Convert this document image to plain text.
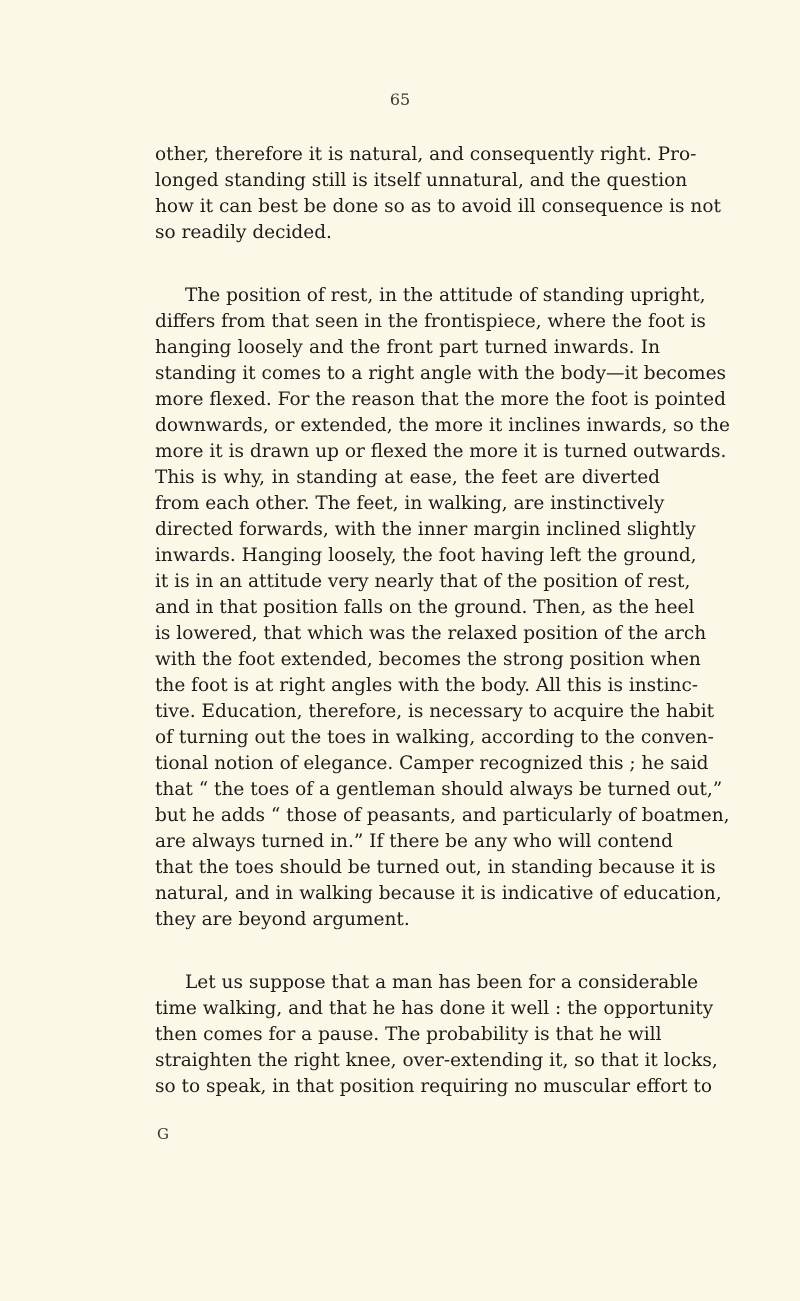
65
other, therefore it is natural, and consequently right. Pro-
longed standing still is itself unnatural, and the question
how it can best be done so as to avoid ill consequence is not
so readily decided.
The position of rest, in the attitude of standing upright,
differs from that seen in the frontispiece, where the foot is
hanging loosely and the front part turned inwards. In
standing it comes to a right angle with the body—it becomes
more flexed. For the reason that the more the foot is pointed
downwards, or extended, the more it inclines inwards, so the
more it is drawn up or flexed the more it is turned outwards.
This is why, in standing at ease, the feet are diverted
from each other. The feet, in walking, are instinctively
directed forwards, with the inner margin inclined slightly
inwards. Hanging loosely, the foot having left the ground,
it is in an attitude very nearly that of the position of rest,
and in that position falls on the ground. Then, as the heel
is lowered, that which was the relaxed position of the arch
with the foot extended, becomes the strong position when
the foot is at right angles with the body. All this is instinc-
tive. Education, therefore, is necessary to acquire the habit
of turning out the toes in walking, according to the conven-
tional notion of elegance. Camper recognized this ; he said
that “ the toes of a gentleman should always be turned out,”
but he adds “ those of peasants, and particularly of boatmen,
are always turned in.” If there be any who will contend
that the toes should be turned out, in standing because it is
natural, and in walking because it is indicative of education,
they are beyond argument.
Let us suppose that a man has been for a considerable
time walking, and that he has done it well : the opportunity
then comes for a pause. The probability is that he will
straighten the right knee, over-extending it, so that it locks,
so to speak, in that position requiring no muscular effort to
G
